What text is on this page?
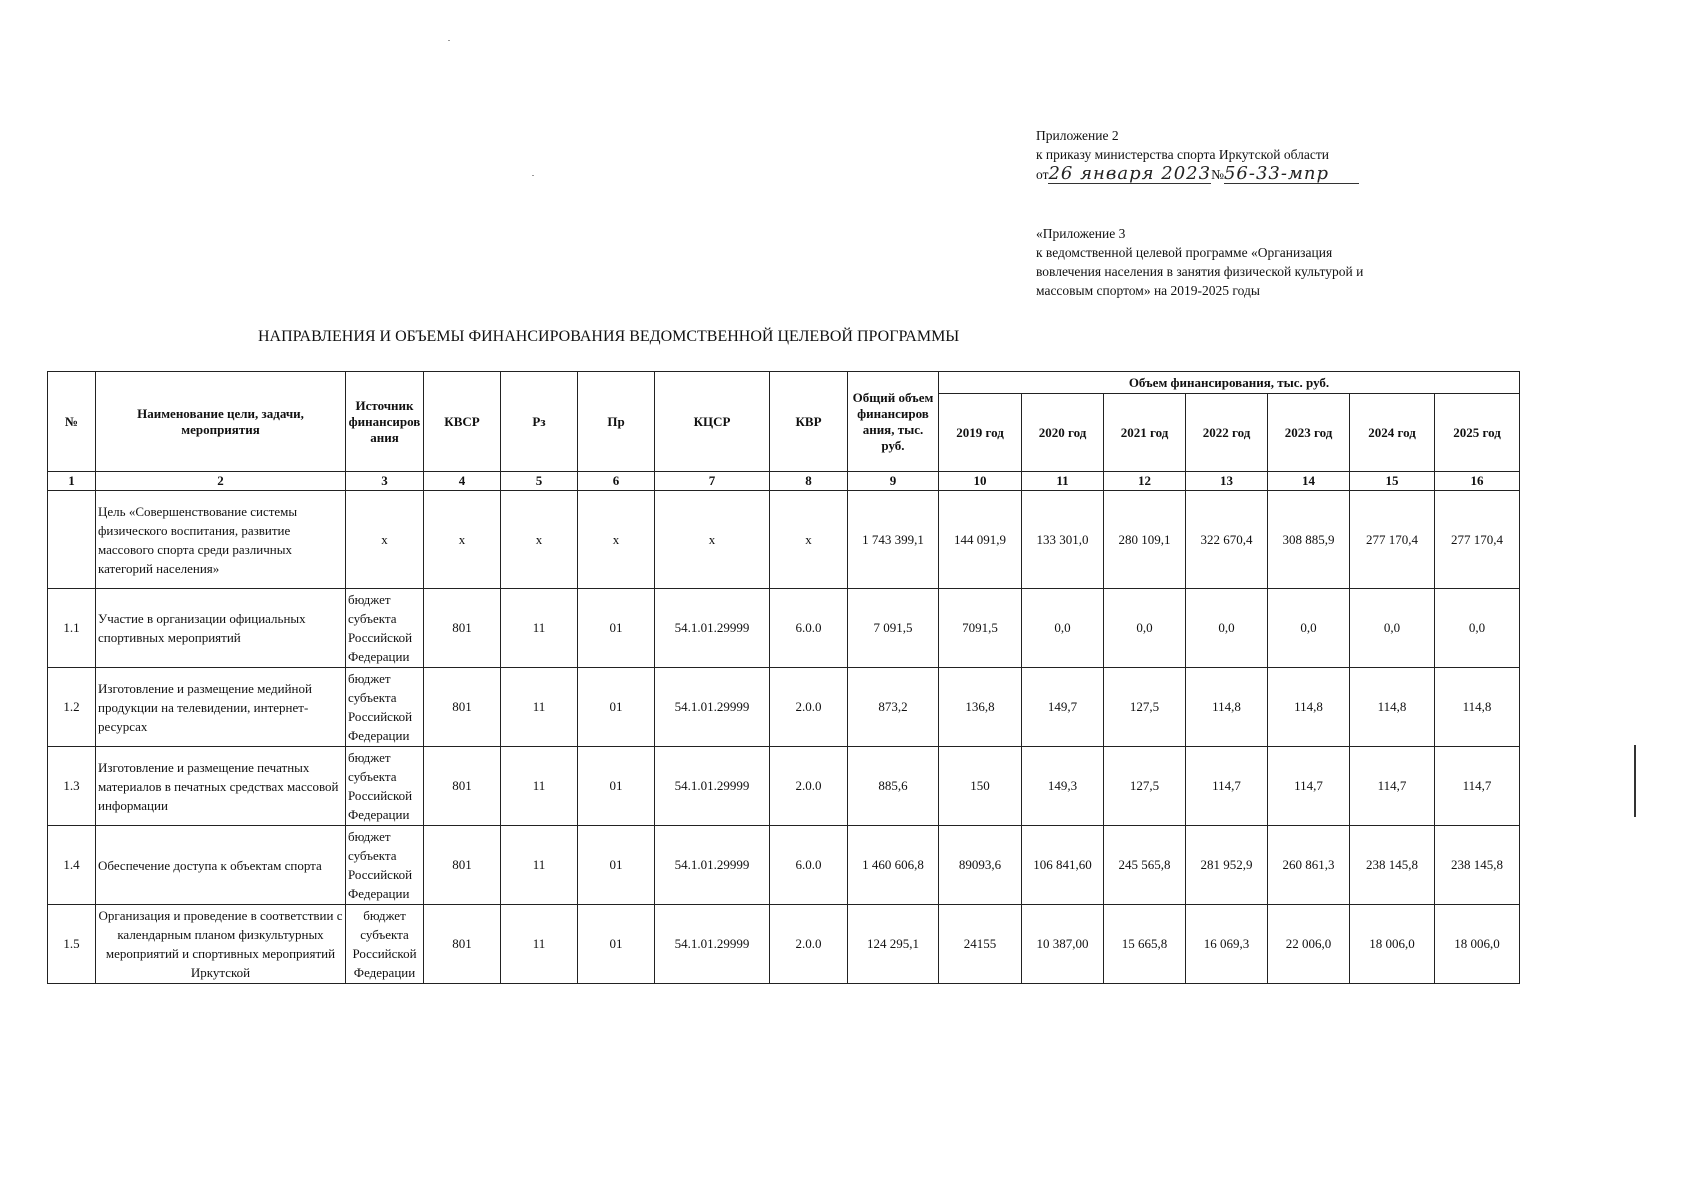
Приложение 2
к приказу министерства спорта Иркутской области
от26 января 2023№56-33-мпр
«Приложение 3
к ведомственной целевой программе «Организация
вовлечения населения в занятия физической культурой и
массовым спортом» на 2019-2025 годы
НАПРАВЛЕНИЯ И ОБЪЕМЫ ФИНАНСИРОВАНИЯ ВЕДОМСТВЕННОЙ ЦЕЛЕВОЙ ПРОГРАММЫ
№	Наименование цели, задачи, мероприятия	Источник финансиров ания	КВСР	Рз	Пр	КЦСР	КВР	Общий объем финансиров ания, тыс. руб.	Объем финансирования, тыс. руб.						
									2019 год	2020 год	2021 год	2022 год	2023 год	2024 год	2025 год
1	2	3	4	5	6	7	8	9	10	11	12	13	14	15	16
	Цель «Совершенствование системы физического воспитания, развитие массового спорта среди различных категорий населения»	х	х	х	х	х	х	1 743 399,1	144 091,9	133 301,0	280 109,1	322 670,4	308 885,9	277 170,4	277 170,4
1.1	Участие в организации официальных спортивных мероприятий	бюджет субъекта Российской Федерации	801	11	01	54.1.01.29999	6.0.0	7 091,5	7091,5	0,0	0,0	0,0	0,0	0,0	0,0
1.2	Изготовление и размещение медийной продукции на телевидении, интернет-ресурсах	бюджет субъекта Российской Федерации	801	11	01	54.1.01.29999	2.0.0	873,2	136,8	149,7	127,5	114,8	114,8	114,8	114,8
1.3	Изготовление и размещение печатных материалов в печатных средствах массовой информации	бюджет субъекта Российской Федерации	801	11	01	54.1.01.29999	2.0.0	885,6	150	149,3	127,5	114,7	114,7	114,7	114,7
1.4	Обеспечение доступа к объектам спорта	бюджет субъекта Российской Федерации	801	11	01	54.1.01.29999	6.0.0	1 460 606,8	89093,6	106 841,60	245 565,8	281 952,9	260 861,3	238 145,8	238 145,8
1.5	Организация и проведение в соответствии с календарным планом физкультурных мероприятий и спортивных мероприятий Иркутской	бюджет субъекта Российской Федерации	801	11	01	54.1.01.29999	2.0.0	124 295,1	24155	10 387,00	15 665,8	16 069,3	22 006,0	18 006,0	18 006,0
